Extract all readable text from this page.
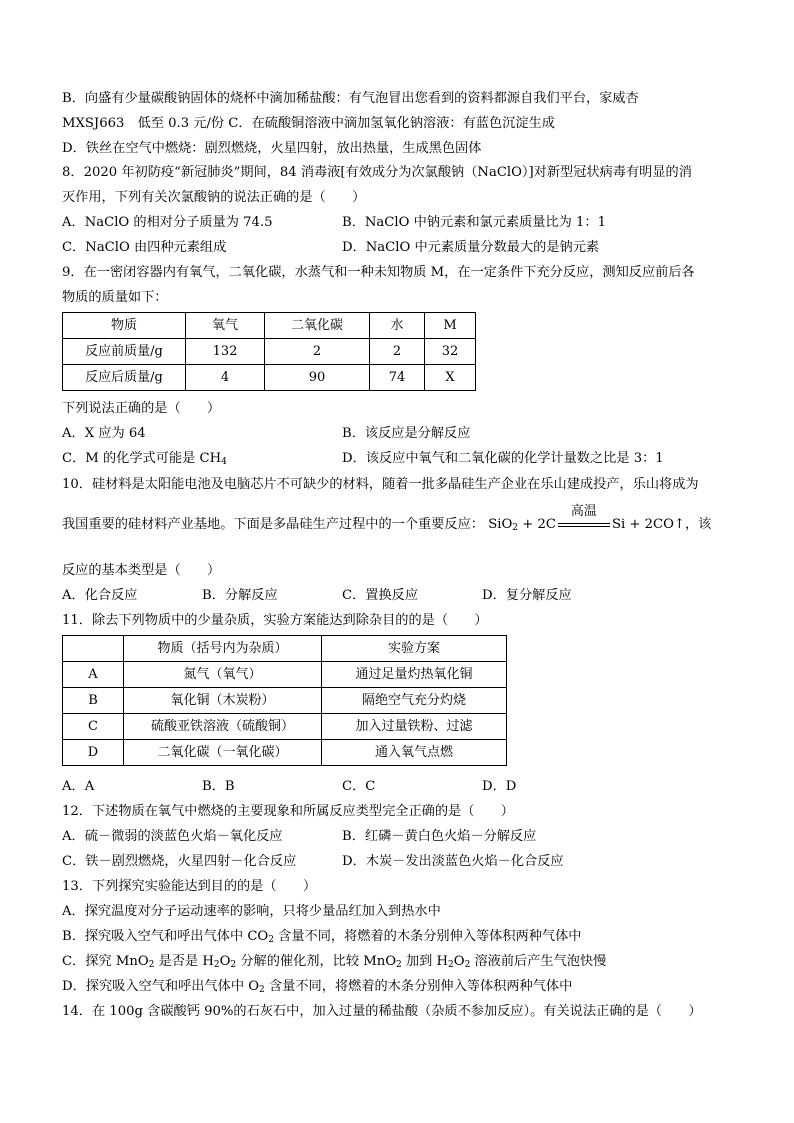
B．向盛有少量碳酸钠固体的烧杯中滴加稀盐酸：有气泡冒出您看到的资料都源自我们平台，家威杏
MXSJ663　低至 0.3 元/份 C．在硫酸铜溶液中滴加氢氧化钠溶液：有蓝色沉淀生成
D．铁丝在空气中燃烧：剧烈燃烧，火星四射，放出热量，生成黑色固体
8．2020 年初防疫“新冠肺炎”期间，84 消毒液[有效成分为次氯酸钠（NaClO）]对新型冠状病毒有明显的消
灭作用，下列有关次氯酸钠的说法正确的是（　　）
A．NaClO 的相对分子质量为 74.5	B．NaClO 中钠元素和氯元素质量比为 1：1
C．NaClO 由四种元素组成	D．NaClO 中元素质量分数最大的是钠元素
9．在一密闭容器内有氧气，二氧化碳，水蒸气和一种未知物质 M，在一定条件下充分反应，测知反应前后各
物质的质量如下：
物质	氧气	二氧化碳	水	M
反应前质量/g	132	2	2	32
反应后质量/g	4	90	74	X
下列说法正确的是（　　）
A．X 应为 64	B．该反应是分解反应
C．M 的化学式可能是 $CH_4$	D．该反应中氧气和二氧化碳的化学计量数之比是 3：1
10．硅材料是太阳能电池及电脑芯片不可缺少的材料，随着一批多晶硅生产企业在乐山建成投产，乐山将成为
我国重要的硅材料产业基地。下面是多晶硅生产过程中的一个重要反应： SiO$_2$ + 2C
高温
Si + 2CO↑，该
反应的基本类型是（　　）
A．化合反应	B．分解反应	C．置换反应	D．复分解反应
11．除去下列物质中的少量杂质，实验方案能达到除杂目的的是（　　）
	物质（括号内为杂质）	实验方案
A	氮气（氧气）	通过足量灼热氧化铜
B	氧化铜（木炭粉）	隔绝空气充分灼烧
C	硫酸亚铁溶液（硫酸铜）	加入过量铁粉、过滤
D	二氧化碳（一氧化碳）	通入氧气点燃
A．A	B．B	C．C	D．D
12．下述物质在氧气中燃烧的主要现象和所属反应类型完全正确的是（　　）
A．硫－微弱的淡蓝色火焰－氧化反应	B．红磷－黄白色火焰－分解反应
C．铁－剧烈燃烧，火星四射－化合反应	D．木炭－发出淡蓝色火焰－化合反应
13．下列探究实验能达到目的的是（　　）
A．探究温度对分子运动速率的影响，只将少量品红加入到热水中
B．探究吸入空气和呼出气体中 $CO_2$ 含量不同，将燃着的木条分别伸入等体积两种气体中
C．探究 MnO$_2$ 是否是 $H_2O_2$ 分解的催化剂，比较 MnO$_2$ 加到 $H_2O_2$ 溶液前后产生气泡快慢
D．探究吸入空气和呼出气体中 $O_2$ 含量不同，将燃着的木条分别伸入等体积两种气体中
14．在 100g 含碳酸钙 90%的石灰石中，加入过量的稀盐酸（杂质不参加反应）。有关说法正确的是（　　）
